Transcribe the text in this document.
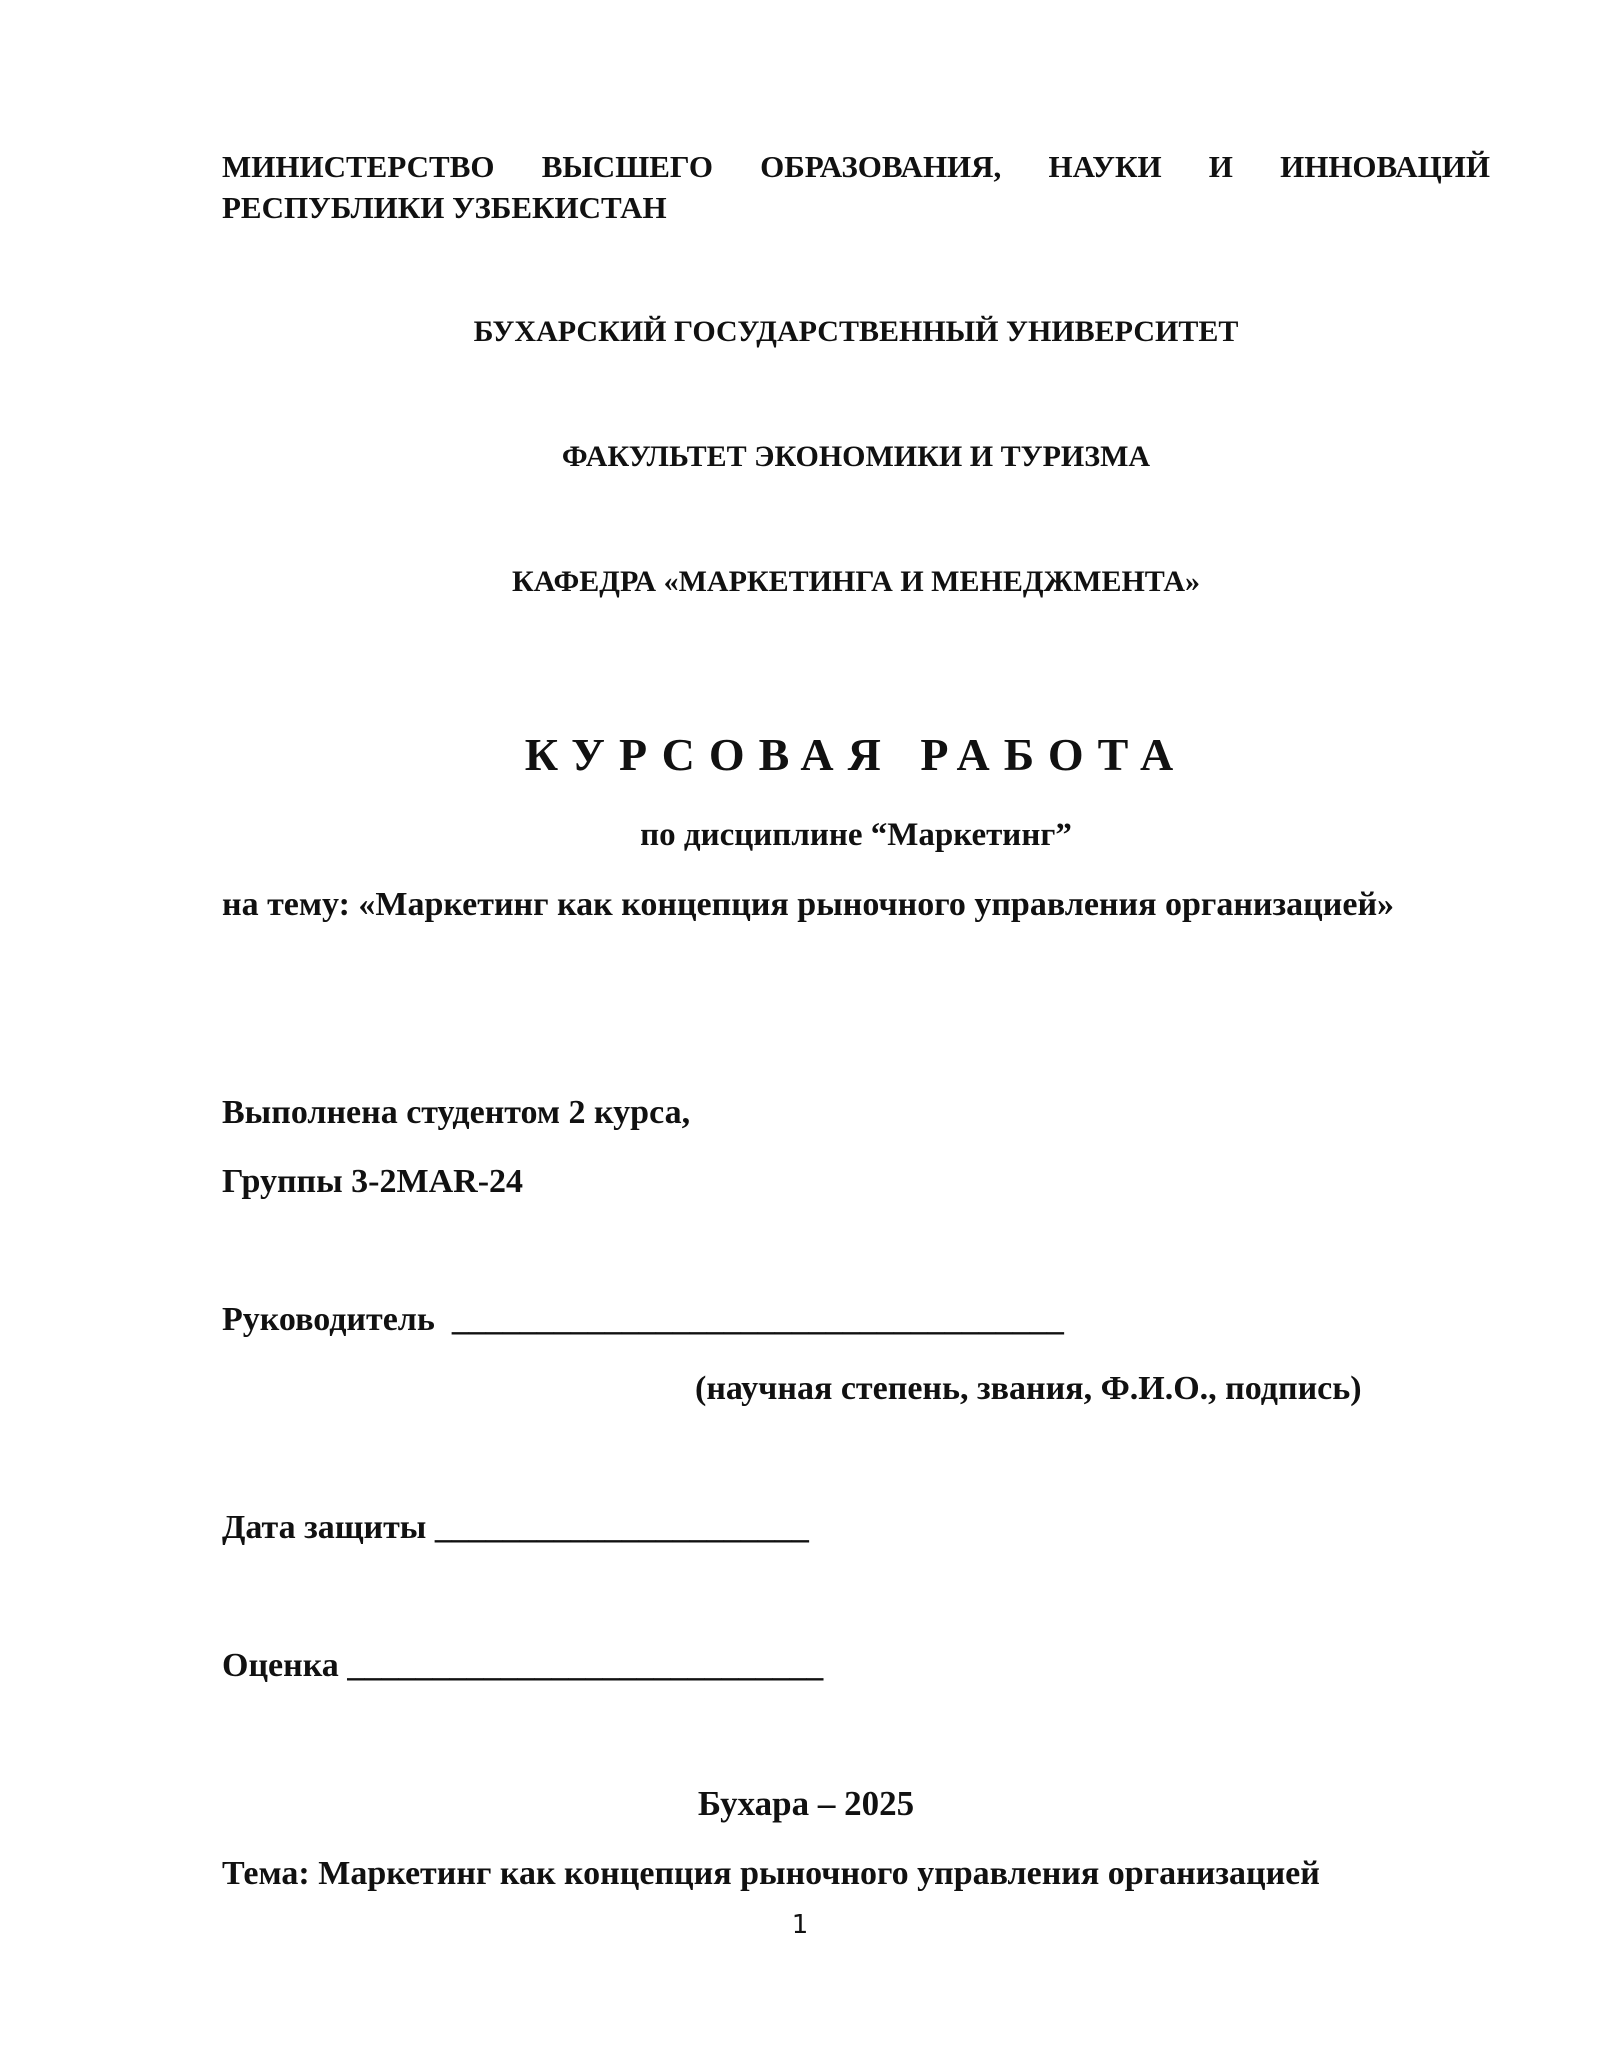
МИНИСТЕРСТВО ВЫСШЕГО ОБРАЗОВАНИЯ, НАУКИ И ИННОВАЦИЙ
РЕСПУБЛИКИ УЗБЕКИСТАН
БУХАРСКИЙ ГОСУДАРСТВЕННЫЙ УНИВЕРСИТЕТ
ФАКУЛЬТЕТ ЭКОНОМИКИ И ТУРИЗМА
КАФЕДРА «МАРКЕТИНГА И МЕНЕДЖМЕНТА»
КУРСОВАЯ РАБОТА
по дисциплине “Маркетинг”
на тему: «Маркетинг как концепция рыночного управления организацией»
Выполнена студентом 2 курса,
Группы 3-2MAR-24
Руководитель  ____________________________________
(научная степень, звания, Ф.И.О., подпись)
Дата защиты ______________________
Оценка ____________________________
Бухара – 2025
Тема: Маркетинг как концепция рыночного управления организацией
1
